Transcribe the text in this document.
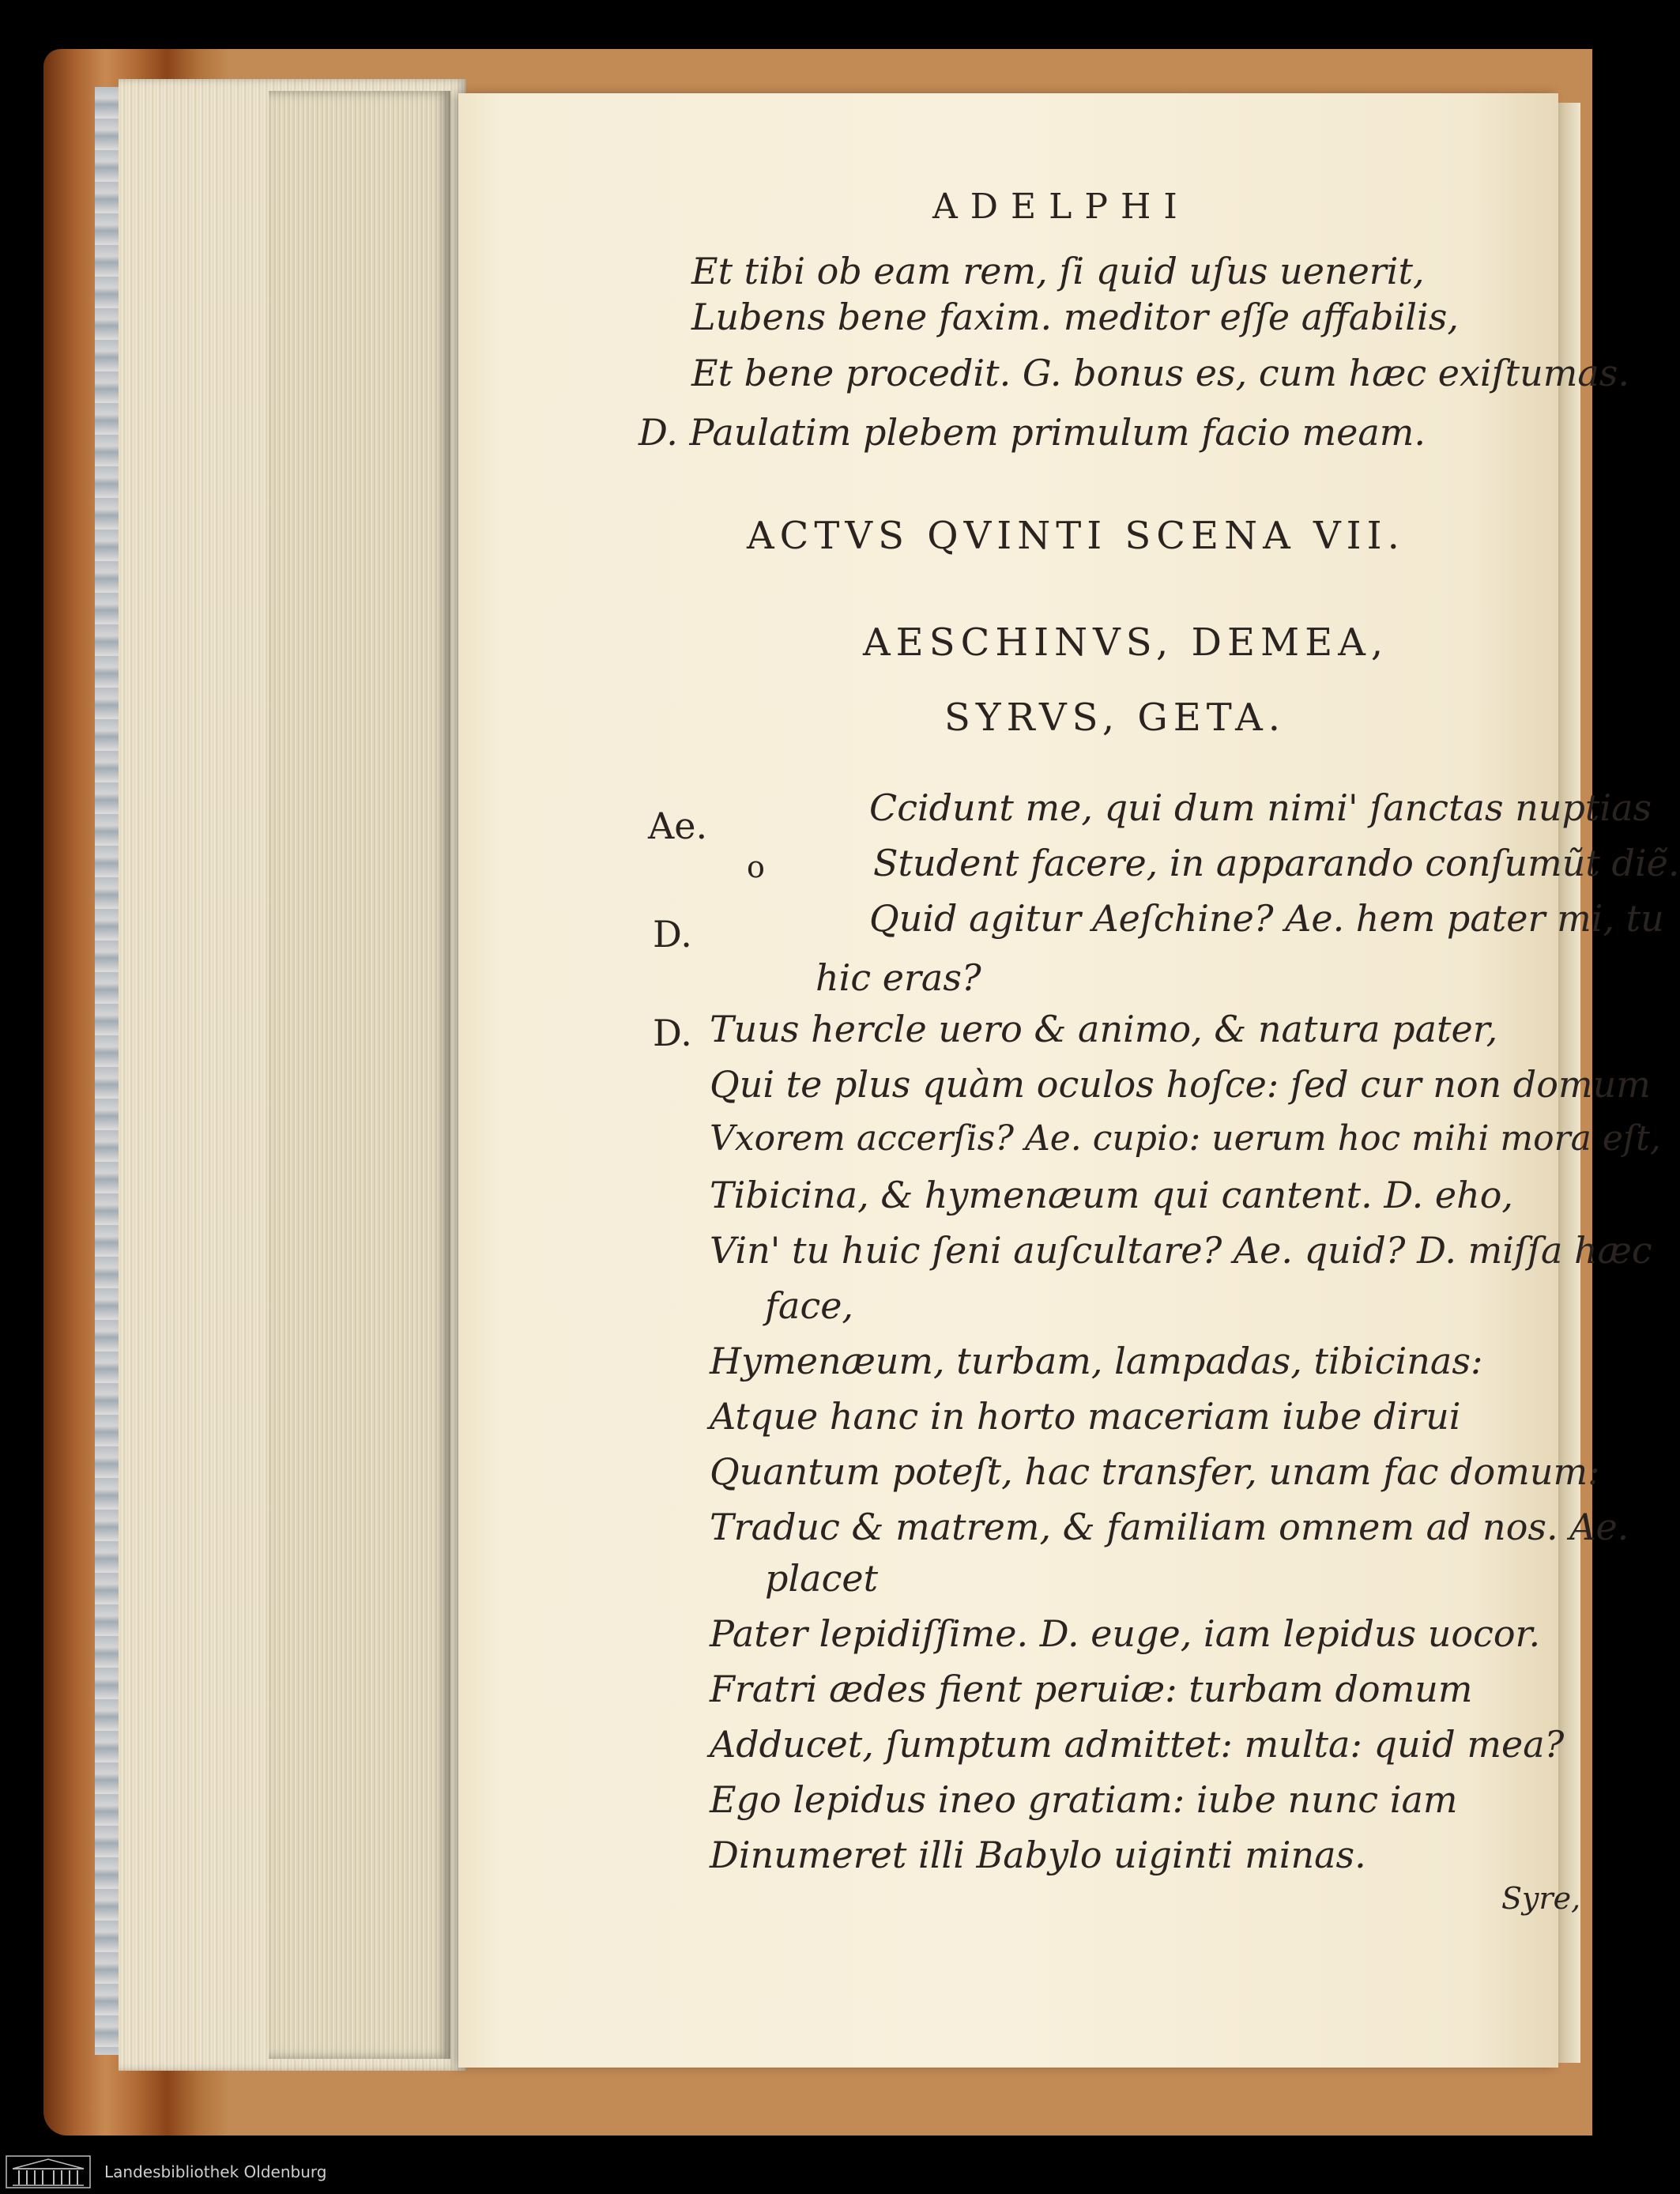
ADELPHI
Et tibi ob eam rem, ſi quid uſus uenerit,
Lubens bene faxim. meditor eſſe affabilis,
Et bene procedit. G. bonus es, cum hæc exiſtumas.
D. Paulatim plebem primulum facio meam.
ACTVS QVINTI SCENA VII.
AESCHINVS, DEMEA,
SYRVS, GETA.
Ae.
o
D.
D.
Ccidunt me, qui dum nimi' ſanctas nuptias
Student facere, in apparando conſumũt diẽ.
Quid agitur Aeſchine? Ae. hem pater mi, tu
hic eras?
Tuus hercle uero & animo, & natura pater,
Qui te plus quàm oculos hoſce: ſed cur non domum
Vxorem accerſis? Ae. cupio: uerum hoc mihi mora eſt,
Tibicina, & hymenæum qui cantent. D. eho,
Vin' tu huic ſeni auſcultare? Ae. quid? D. miſſa hæc
face,
Hymenæum, turbam, lampadas, tibicinas:
Atque hanc in horto maceriam iube dirui
Quantum poteſt, hac transfer, unam fac domum:
Traduc & matrem, & familiam omnem ad nos. Ae.
placet
Pater lepidiſſime. D. euge, iam lepidus uocor.
Fratri ædes fient peruiæ: turbam domum
Adducet, ſumptum admittet: multa: quid mea?
Ego lepidus ineo gratiam: iube nunc iam
Dinumeret illi Babylo uiginti minas.
Syre,
Landesbibliothek Oldenburg
